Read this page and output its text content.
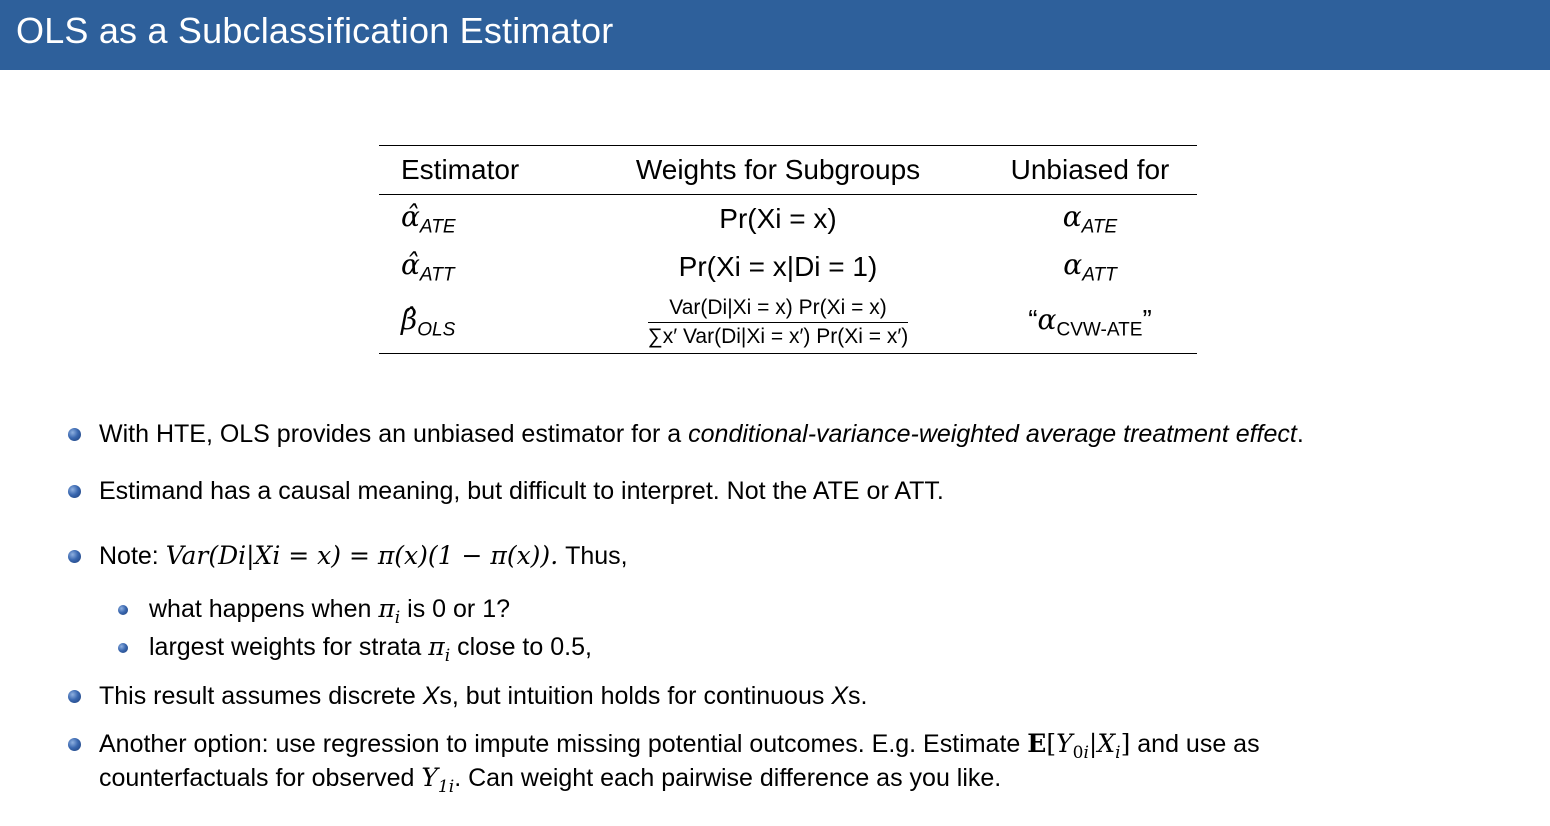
OLS as a Subclassification Estimator
Estimator	Weights for Subgroups	Unbiased for
$\alphâ_{ATE}$	Pr(Xi = x)	$\alpha_{ATE}$
$\alphâ_{ATT}$	Pr(Xi = x|Di = 1)	$\alpha_{ATT}$
$\betâ_{OLS}$	$\frac{\text{Var(Di|Xi = x) Pr(Xi = x)}}{\text{∑x′ Var(Di|Xi = x′) Pr(Xi = x′)}}$	“$\alpha_{CVW-ATE}$”
With HTE, OLS provides an unbiased estimator for a conditional-variance-weighted average treatment effect.
Estimand has a causal meaning, but difficult to interpret. Not the ATE or ATT.
Note: Var(Di|Xi = x) = π(x)(1 − π(x)). Thus,
what happens when $\pi_i$ is 0 or 1?
largest weights for strata $\pi_i$ close to 0.5,
This result assumes discrete Xs, but intuition holds for continuous Xs.
Another option: use regression to impute missing potential outcomes. E.g. Estimate $E[Y_{0i}|X_i]$ and use as
counterfactuals for observed $Y_{1i}$. Can weight each pairwise difference as you like.
